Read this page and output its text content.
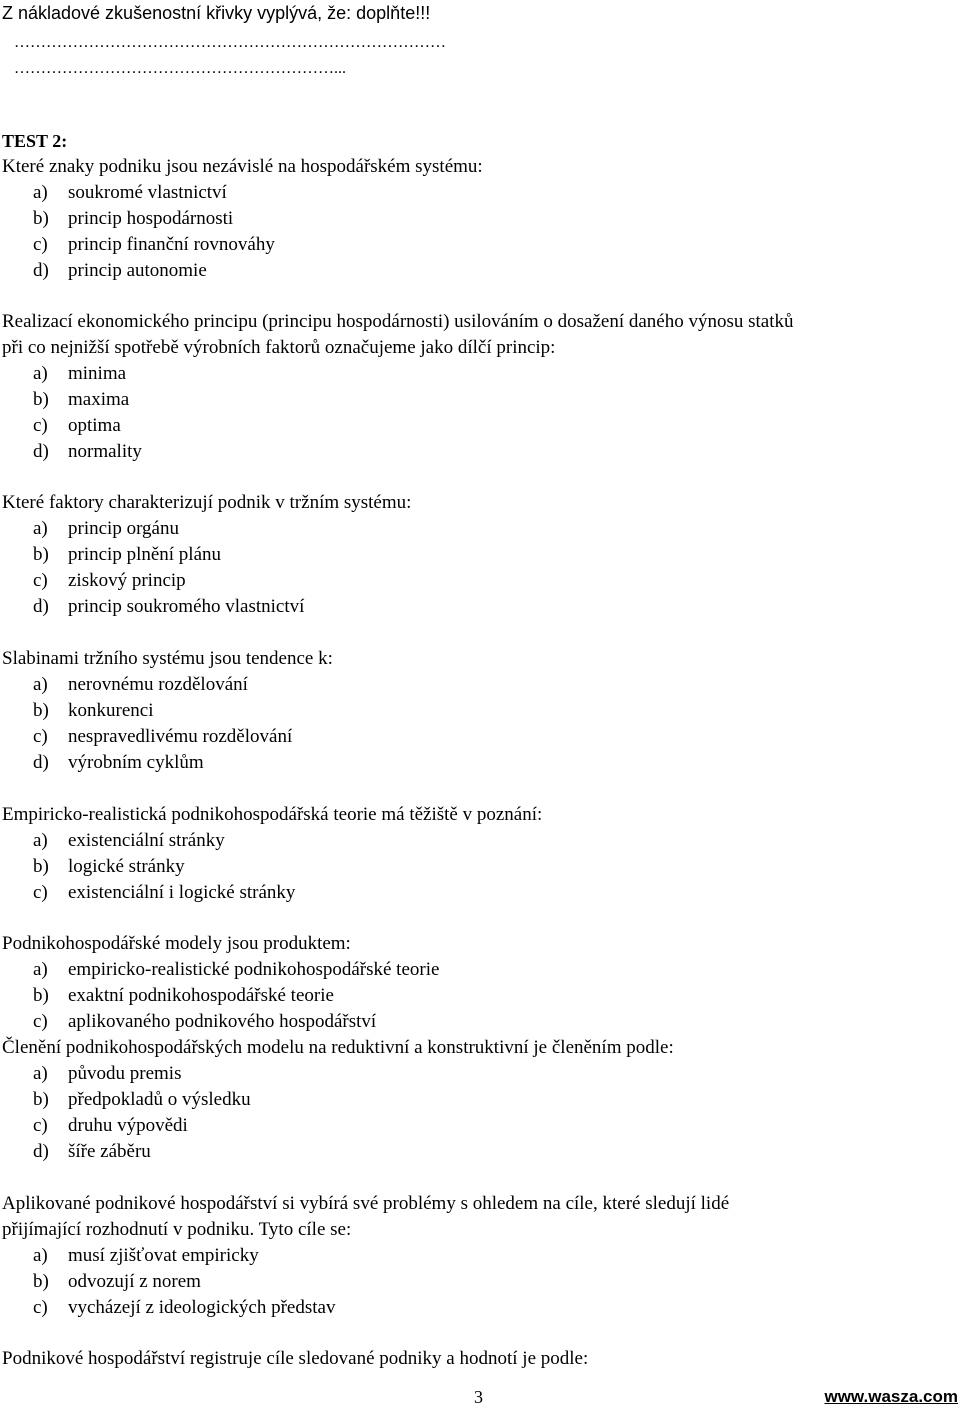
Z nákladové zkušenostní křivky vyplývá, že: doplňte!!!
………………………………………………………………………
……………………………………………………...
TEST 2:
Které znaky podniku jsou nezávislé na hospodářském systému:
a) soukromé vlastnictví
b) princip hospodárnosti
c) princip finanční rovnováhy
d) princip autonomie
Realizací ekonomického principu (principu hospodárnosti) usilováním o dosažení daného výnosu statků
při co nejnižší spotřebě výrobních faktorů označujeme jako dílčí princip:
a) minima
b) maxima
c) optima
d) normality
Které faktory charakterizují podnik v tržním systému:
a) princip orgánu
b) princip plnění plánu
c) ziskový princip
d) princip soukromého vlastnictví
Slabinami tržního systému jsou tendence k:
a) nerovnému rozdělování
b) konkurenci
c) nespravedlivému rozdělování
d) výrobním cyklům
Empiricko-realistická podnikohospodářská teorie má těžiště v poznání:
a) existenciální stránky
b) logické stránky
c) existenciální i logické stránky
Podnikohospodářské modely jsou produktem:
a) empiricko-realistické podnikohospodářské teorie
b) exaktní podnikohospodářské teorie
c) aplikovaného podnikového hospodářství
Členění podnikohospodářských modelu na reduktivní a konstruktivní je členěním podle:
a) původu premis
b) předpokladů o výsledku
c) druhu výpovědi
d) šíře záběru
Aplikované podnikové hospodářství si vybírá své problémy s ohledem na cíle, které sledují lidé
přijímající rozhodnutí v podniku. Tyto cíle se:
a) musí zjišťovat empiricky
b) odvozují z norem
c) vycházejí z ideologických představ
Podnikové hospodářství registruje cíle sledované podniky a hodnotí je podle:
3	www.wasza.com
